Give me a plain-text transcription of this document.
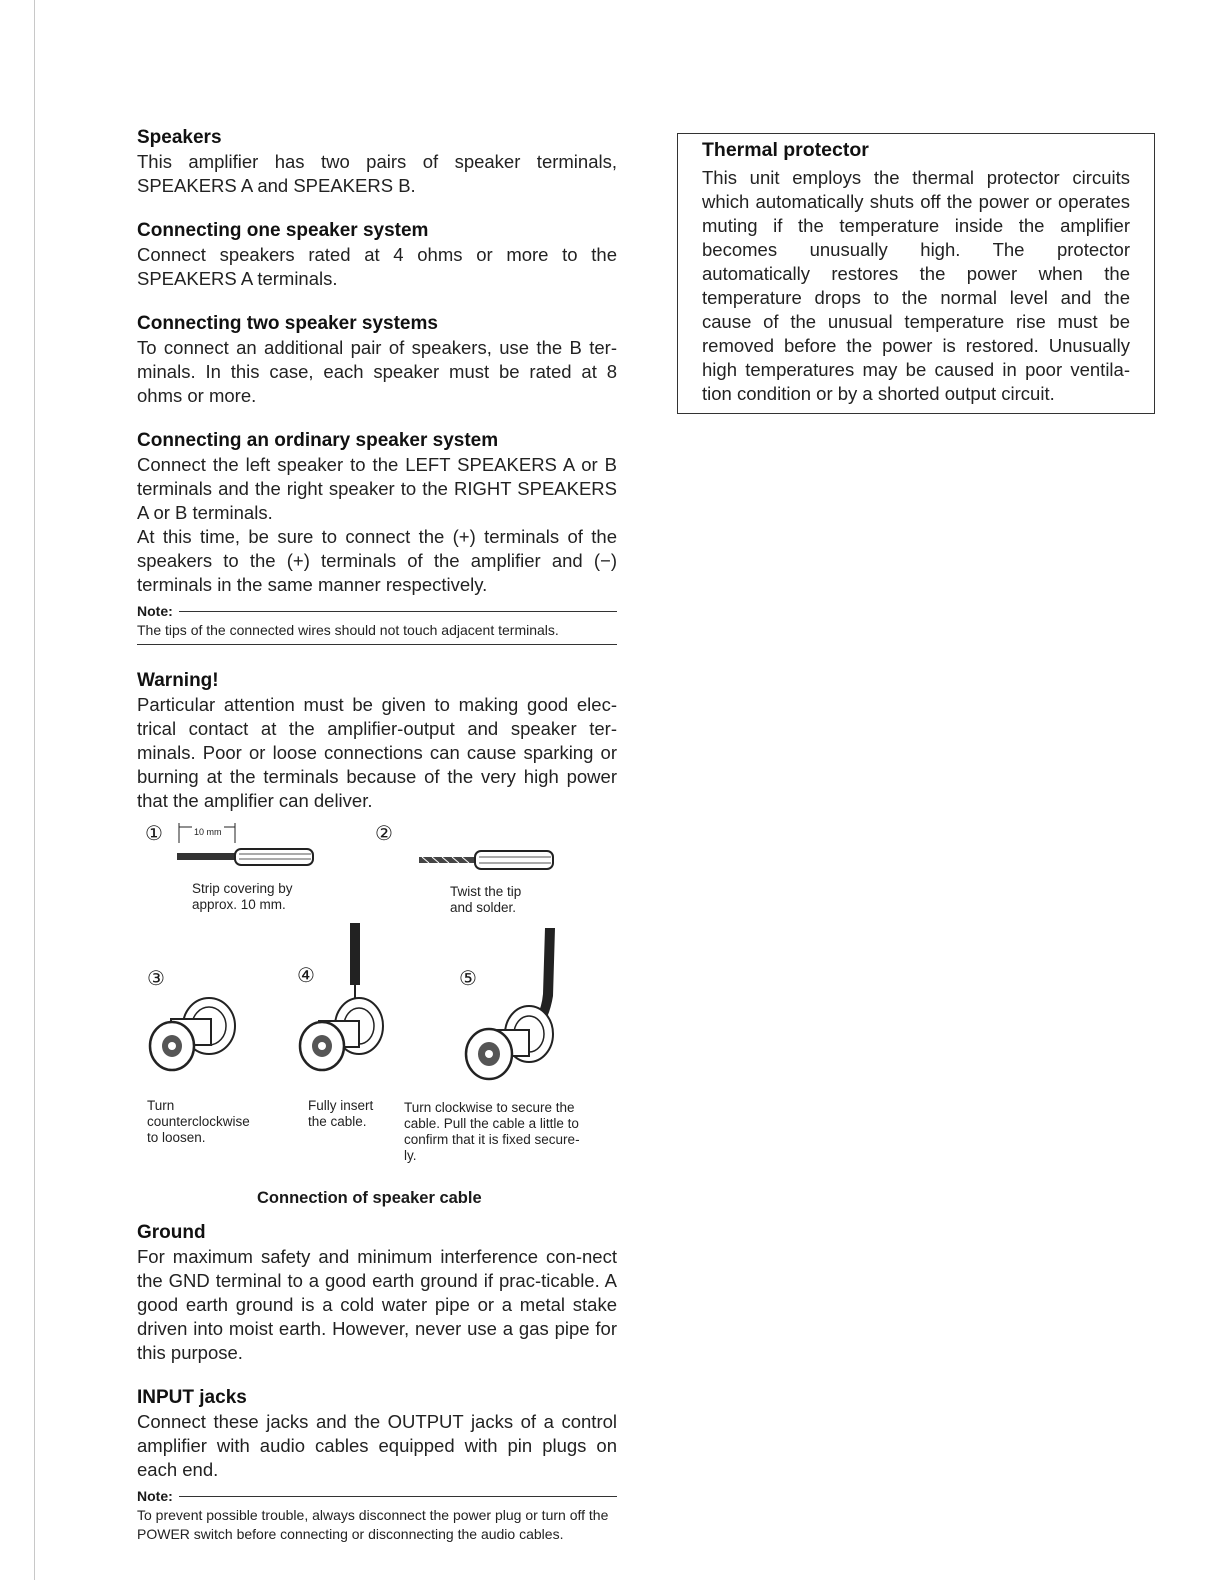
Speakers

This amplifier has two pairs of speaker terminals, SPEAKERS A and SPEAKERS B.

Connecting one speaker system

Connect speakers rated at 4 ohms or more to the SPEAKERS A terminals.

Connecting two speaker systems

To connect an additional pair of speakers, use the B ter-minals. In this case, each speaker must be rated at 8 ohms or more.

Connecting an ordinary speaker system

Connect the left speaker to the LEFT SPEAKERS A or B terminals and the right speaker to the RIGHT SPEAKERS A or B terminals.

At this time, be sure to connect the (+) terminals of the speakers to the (+) terminals of the amplifier and (−) terminals in the same manner respectively.

Note:

The tips of the connected wires should not touch adjacent terminals.

Warning!

Particular attention must be given to making good elec-trical contact at the amplifier-output and speaker ter-minals. Poor or loose connections can cause sparking or burning at the terminals because of the very high power that the amplifier can deliver.

①	10 mm
Strip covering by
approx. 10 mm.
②
Twist the tip
and solder.
③
Turn
counterclockwise
to loosen.
④
Fully insert
the cable.
⑤
Turn clockwise to secure the
cable. Pull the cable a little to
confirm that it is fixed secure-
ly.
Connection of speaker cable
Ground

For maximum safety and minimum interference con-nect the GND terminal to a good earth ground if prac-ticable. A good earth ground is a cold water pipe or a metal stake driven into moist earth. However, never use a gas pipe for this purpose.

INPUT jacks

Connect these jacks and the OUTPUT jacks of a control amplifier with audio cables equipped with pin plugs on each end.

Note:

To prevent possible trouble, always disconnect the power plug or turn off the POWER switch before connecting or disconnecting the audio cables.

Thermal protector

This unit employs the thermal protector circuits which automatically shuts off the power or operates muting if the temperature inside the amplifier becomes unusually high. The protector automatically restores the power when the temperature drops to the normal level and the cause of the unusual temperature rise must be removed before the power is restored. Unusually high temperatures may be caused in poor ventila-tion condition or by a shorted output circuit.
